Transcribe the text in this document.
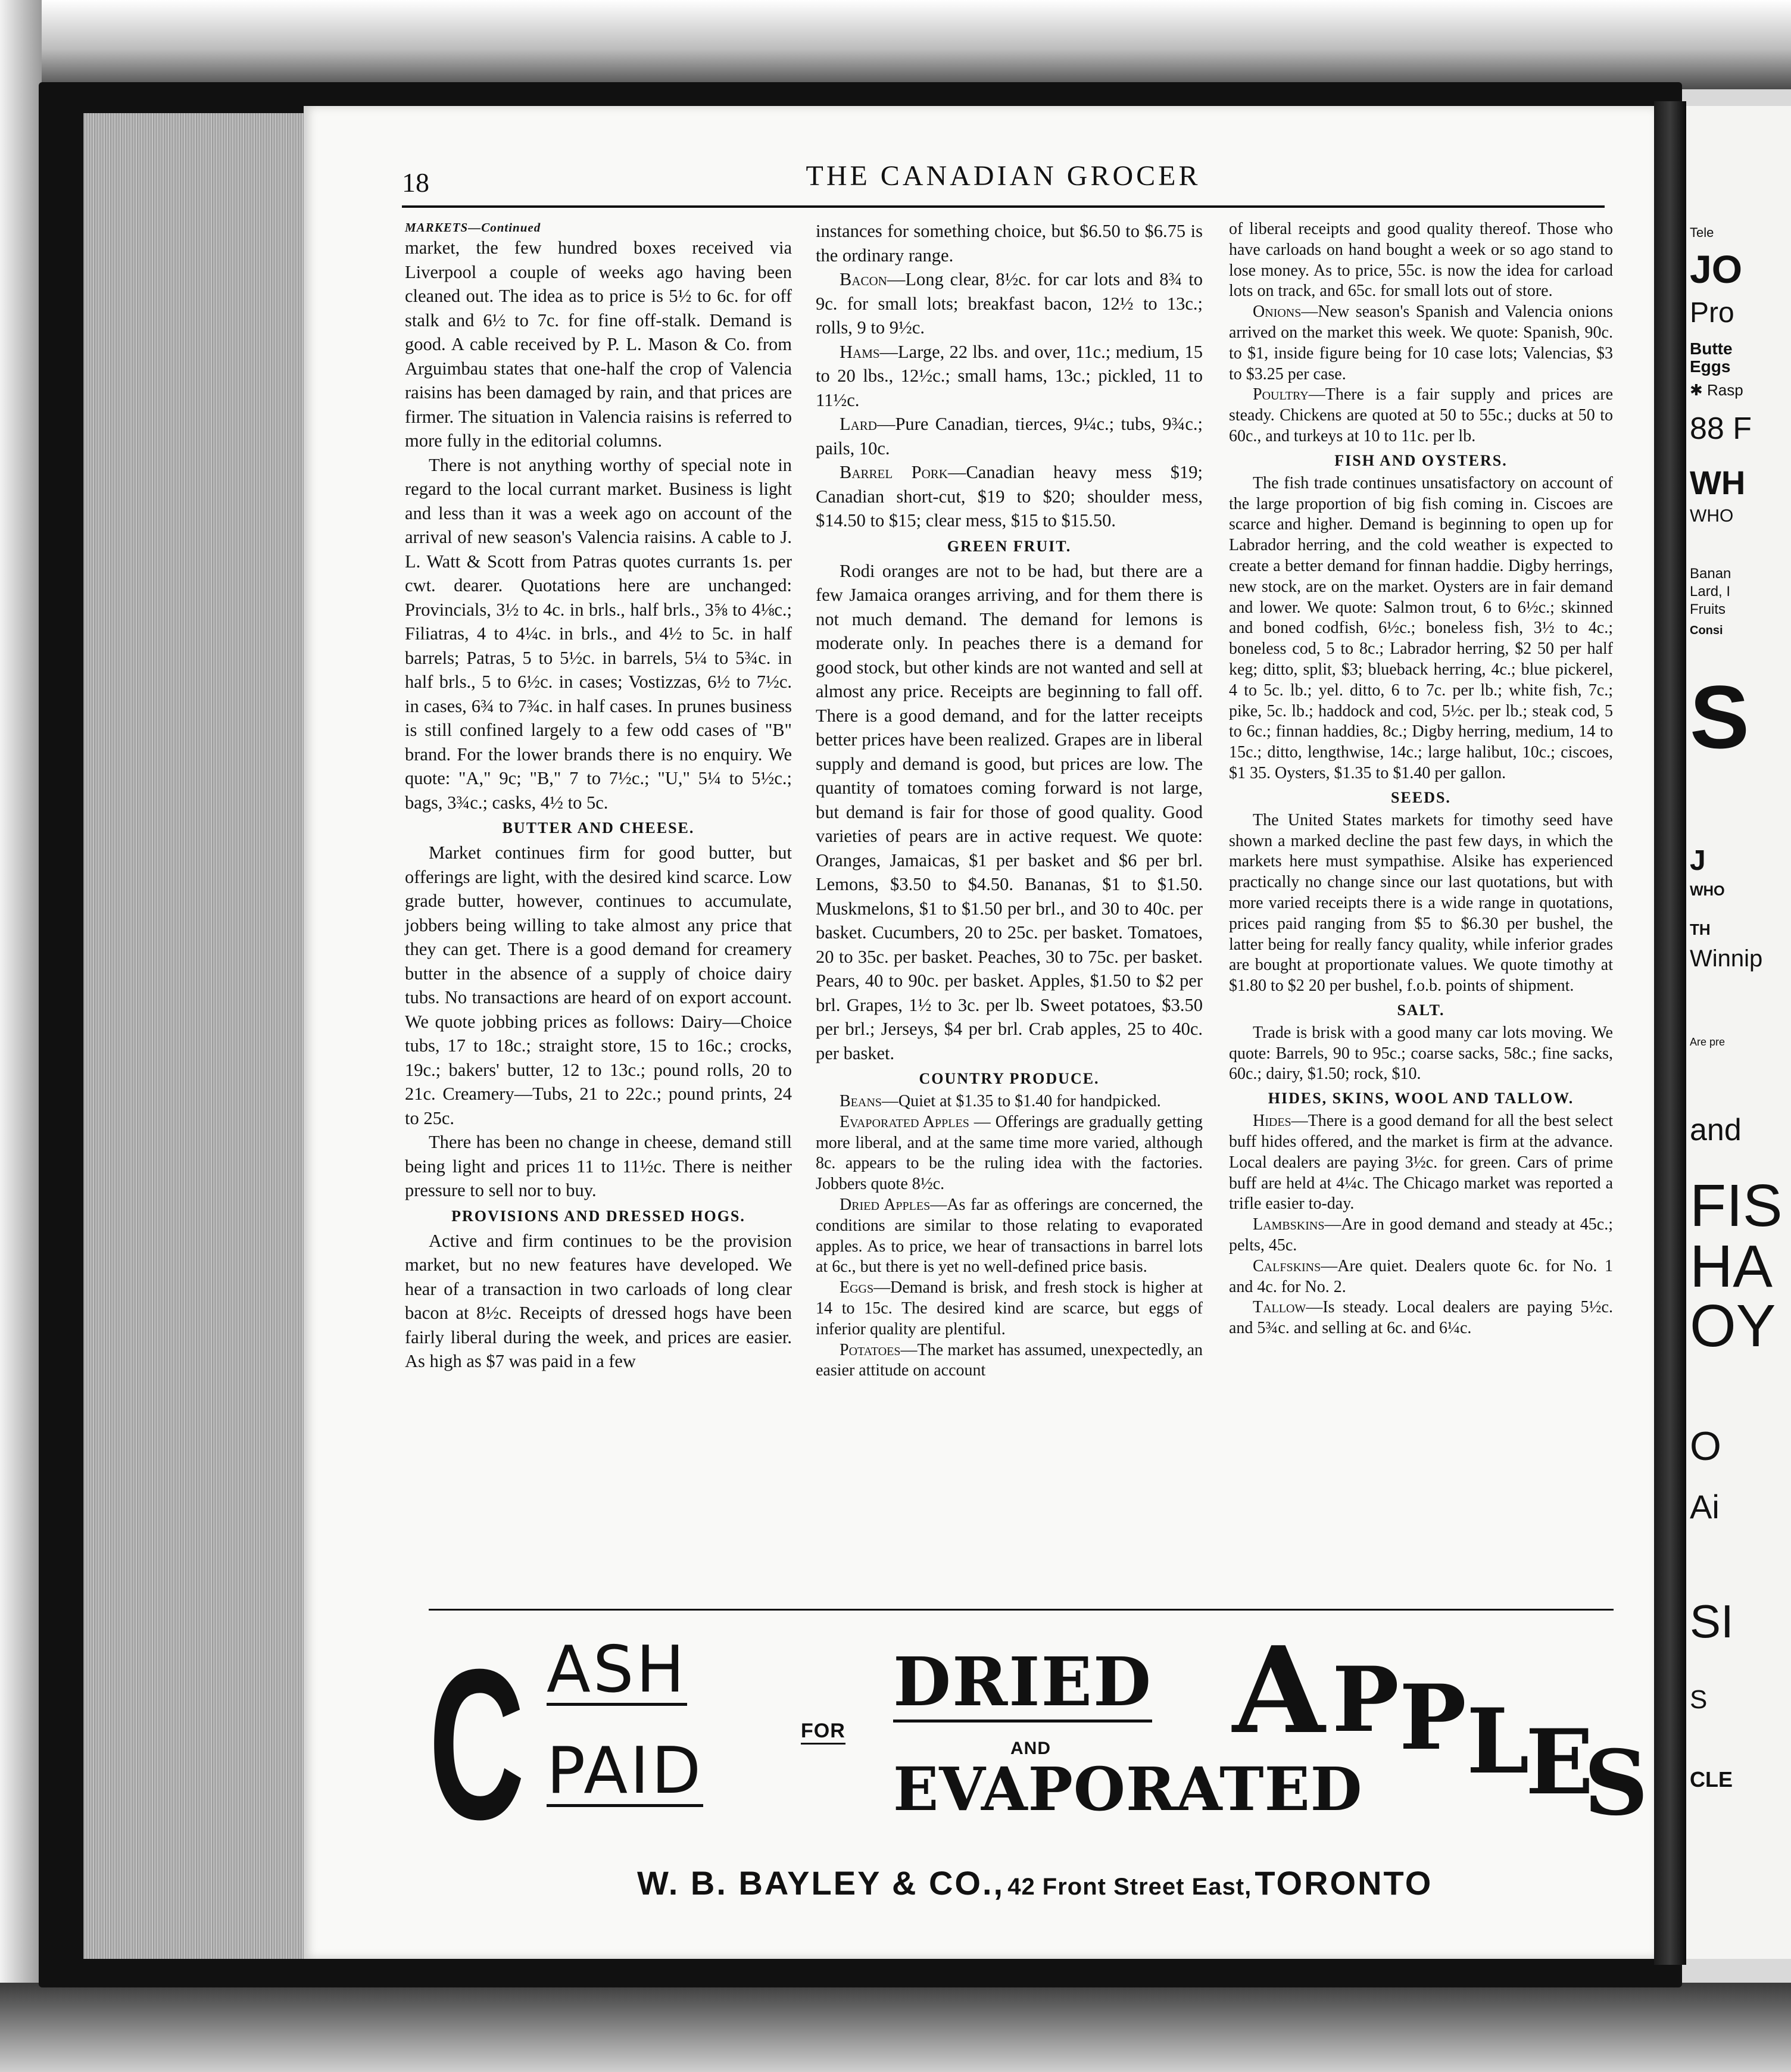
Tele
JO
Pro
Butte
Eggs
✱ Rasp
88 F
WH
WHO
Banan
Lard, I
Fruits
Consi
S
J
WHO
TH
Winnip
Are pre
and
FIS
HA
OY
O
Ai
SI
S
CLE
18	THE CANADIAN GROCER
MARKETS—Continued

market, the few hundred boxes received via Liverpool a couple of weeks ago having been cleaned out. The idea as to price is 5½ to 6c. for off stalk and 6½ to 7c. for fine off-stalk. Demand is good. A cable received by P. L. Mason & Co. from Arguimbau states that one-half the crop of Valencia raisins has been damaged by rain, and that prices are firmer. The situation in Valencia raisins is referred to more fully in the editorial columns.

There is not anything worthy of special note in regard to the local currant market. Business is light and less than it was a week ago on account of the arrival of new season's Valencia raisins. A cable to J. L. Watt & Scott from Patras quotes currants 1s. per cwt. dearer. Quotations here are unchanged: Provincials, 3½ to 4c. in brls., half brls., 3⅝ to 4⅛c.; Filiatras, 4 to 4¼c. in brls., and 4½ to 5c. in half barrels; Patras, 5 to 5½c. in barrels, 5¼ to 5¾c. in half brls., 5 to 6½c. in cases; Vostizzas, 6½ to 7½c. in cases, 6¾ to 7¾c. in half cases. In prunes business is still confined largely to a few odd cases of "B" brand. For the lower brands there is no enquiry. We quote: "A," 9c; "B," 7 to 7½c.; "U," 5¼ to 5½c.; bags, 3¾c.; casks, 4½ to 5c.

BUTTER AND CHEESE.

Market continues firm for good butter, but offerings are light, with the desired kind scarce. Low grade butter, however, continues to accumulate, jobbers being willing to take almost any price that they can get. There is a good demand for creamery butter in the absence of a supply of choice dairy tubs. No transactions are heard of on export account. We quote jobbing prices as follows: Dairy—Choice tubs, 17 to 18c.; straight store, 15 to 16c.; crocks, 19c.; bakers' butter, 12 to 13c.; pound rolls, 20 to 21c. Creamery—Tubs, 21 to 22c.; pound prints, 24 to 25c.

There has been no change in cheese, demand still being light and prices 11 to 11½c. There is neither pressure to sell nor to buy.

PROVISIONS AND DRESSED HOGS.

Active and firm continues to be the provision market, but no new features have developed. We hear of a transaction in two carloads of long clear bacon at 8½c. Receipts of dressed hogs have been fairly liberal during the week, and prices are easier. As high as $7 was paid in a few

instances for something choice, but $6.50 to $6.75 is the ordinary range.

Bacon—Long clear, 8½c. for car lots and 8¾ to 9c. for small lots; breakfast bacon, 12½ to 13c.; rolls, 9 to 9½c.

Hams—Large, 22 lbs. and over, 11c.; medium, 15 to 20 lbs., 12½c.; small hams, 13c.; pickled, 11 to 11½c.

Lard—Pure Canadian, tierces, 9¼c.; tubs, 9¾c.; pails, 10c.

Barrel Pork—Canadian heavy mess $19; Canadian short-cut, $19 to $20; shoulder mess, $14.50 to $15; clear mess, $15 to $15.50.

GREEN FRUIT.

Rodi oranges are not to be had, but there are a few Jamaica oranges arriving, and for them there is not much demand. The demand for lemons is moderate only. In peaches there is a demand for good stock, but other kinds are not wanted and sell at almost any price. Receipts are beginning to fall off. There is a good demand, and for the latter receipts better prices have been realized. Grapes are in liberal supply and demand is good, but prices are low. The quantity of tomatoes coming forward is not large, but demand is fair for those of good quality. Good varieties of pears are in active request. We quote: Oranges, Jamaicas, $1 per basket and $6 per brl. Lemons, $3.50 to $4.50. Bananas, $1 to $1.50. Muskmelons, $1 to $1.50 per brl., and 30 to 40c. per basket. Cucumbers, 20 to 25c. per basket. Tomatoes, 20 to 35c. per basket. Peaches, 30 to 75c. per basket. Pears, 40 to 90c. per basket. Apples, $1.50 to $2 per brl. Grapes, 1½ to 3c. per lb. Sweet potatoes, $3.50 per brl.; Jerseys, $4 per brl. Crab apples, 25 to 40c. per basket.

COUNTRY PRODUCE.

Beans—Quiet at $1.35 to $1.40 for handpicked.

Evaporated Apples — Offerings are gradually getting more liberal, and at the same time more varied, although 8c. appears to be the ruling idea with the factories. Jobbers quote 8½c.

Dried Apples—As far as offerings are concerned, the conditions are similar to those relating to evaporated apples. As to price, we hear of transactions in barrel lots at 6c., but there is yet no well-defined price basis.

Eggs—Demand is brisk, and fresh stock is higher at 14 to 15c. The desired kind are scarce, but eggs of inferior quality are plentiful.

Potatoes—The market has assumed, unexpectedly, an easier attitude on account

of liberal receipts and good quality thereof. Those who have carloads on hand bought a week or so ago stand to lose money. As to price, 55c. is now the idea for carload lots on track, and 65c. for small lots out of store.

Onions—New season's Spanish and Valencia onions arrived on the market this week. We quote: Spanish, 90c. to $1, inside figure being for 10 case lots; Valencias, $3 to $3.25 per case.

Poultry—There is a fair supply and prices are steady. Chickens are quoted at 50 to 55c.; ducks at 50 to 60c., and turkeys at 10 to 11c. per lb.

FISH AND OYSTERS.

The fish trade continues unsatisfactory on account of the large proportion of big fish coming in. Ciscoes are scarce and higher. Demand is beginning to open up for Labrador herring, and the cold weather is expected to create a better demand for finnan haddie. Digby herrings, new stock, are on the market. Oysters are in fair demand and lower. We quote: Salmon trout, 6 to 6½c.; skinned and boned codfish, 6½c.; boneless fish, 3½ to 4c.; boneless cod, 5 to 8c.; Labrador herring, $2 50 per half keg; ditto, split, $3; blueback herring, 4c.; blue pickerel, 4 to 5c. lb.; yel. ditto, 6 to 7c. per lb.; white fish, 7c.; pike, 5c. lb.; haddock and cod, 5½c. per lb.; steak cod, 5 to 6c.; finnan haddies, 8c.; Digby herring, medium, 14 to 15c.; ditto, lengthwise, 14c.; large halibut, 10c.; ciscoes, $1 35. Oysters, $1.35 to $1.40 per gallon.

SEEDS.

The United States markets for timothy seed have shown a marked decline the past few days, in which the markets here must sympathise. Alsike has experienced practically no change since our last quotations, but with more varied receipts there is a wide range in quotations, prices paid ranging from $5 to $6.30 per bushel, the latter being for really fancy quality, while inferior grades are bought at proportionate values. We quote timothy at $1.80 to $2 20 per bushel, f.o.b. points of shipment.

SALT.

Trade is brisk with a good many car lots moving. We quote: Barrels, 90 to 95c.; coarse sacks, 58c.; fine sacks, 60c.; dairy, $1.50; rock, $10.

HIDES, SKINS, WOOL AND TALLOW.

Hides—There is a good demand for all the best select buff hides offered, and the market is firm at the advance. Local dealers are paying 3½c. for green. Cars of prime buff are held at 4¼c. The Chicago market was reported a trifle easier to-day.

Lambskins—Are in good demand and steady at 45c.; pelts, 45c.

Calfskins—Are quiet. Dealers quote 6c. for No. 1 and 4c. for No. 2.

Tallow—Is steady. Local dealers are paying 5½c. and 5¾c. and selling at 6c. and 6¼c.

C ASH
PAID
FOR
DRIED
AND
EVAPORATED
A P P L
E
S
W. B. BAYLEY & CO., 42 Front Street East, TORONTO
